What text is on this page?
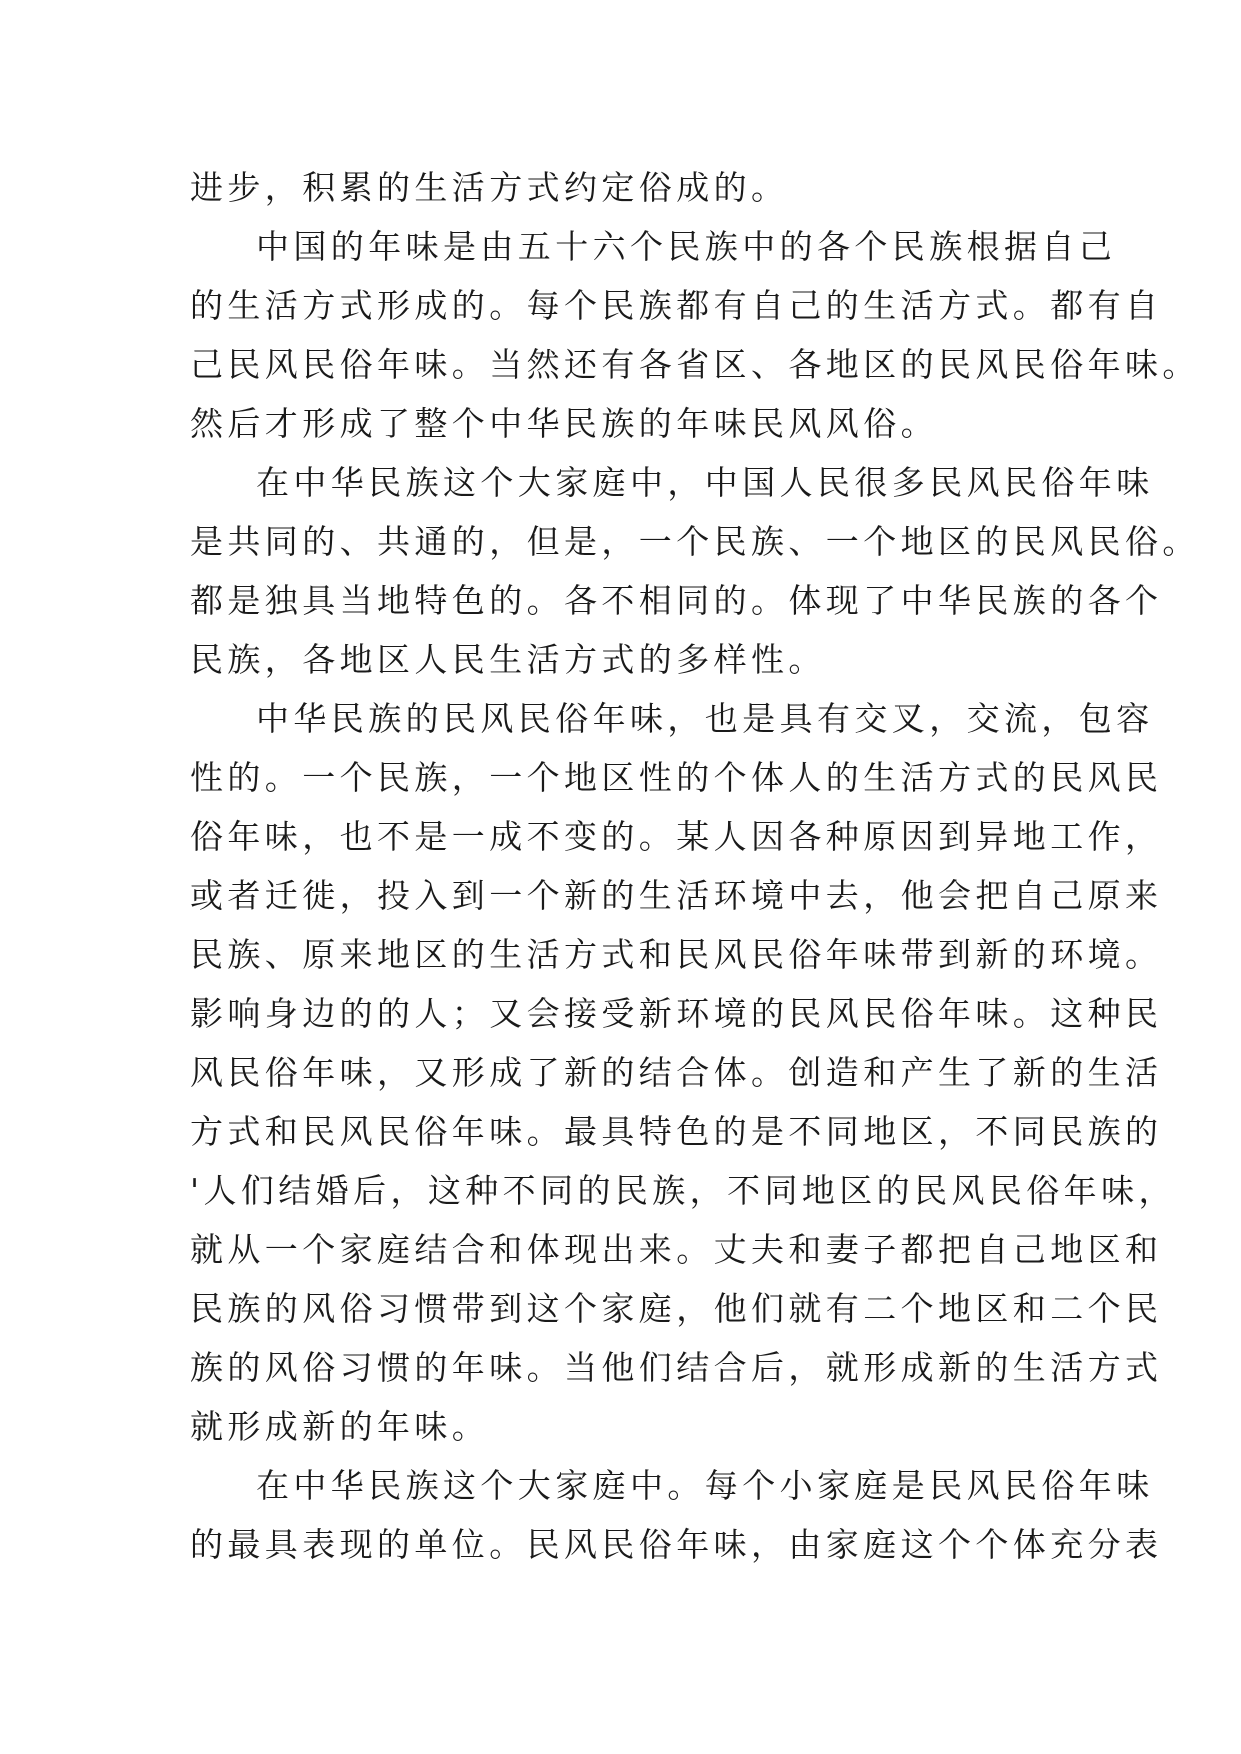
进步，积累的生活方式约定俗成的。
中国的年味是由五十六个民族中的各个民族根据自己
的生活方式形成的。每个民族都有自己的生活方式。都有自
己民风民俗年味。当然还有各省区、各地区的民风民俗年味。
然后才形成了整个中华民族的年味民风风俗。
在中华民族这个大家庭中，中国人民很多民风民俗年味
是共同的、共通的，但是，一个民族、一个地区的民风民俗。
都是独具当地特色的。各不相同的。体现了中华民族的各个
民族，各地区人民生活方式的多样性。
中华民族的民风民俗年味，也是具有交叉，交流，包容
性的。一个民族，一个地区性的个体人的生活方式的民风民
俗年味，也不是一成不变的。某人因各种原因到异地工作，
或者迁徙，投入到一个新的生活环境中去，他会把自己原来
民族、原来地区的生活方式和民风民俗年味带到新的环境。
影响身边的的人；又会接受新环境的民风民俗年味。这种民
风民俗年味，又形成了新的结合体。创造和产生了新的生活
方式和民风民俗年味。最具特色的是不同地区，不同民族的
'人们结婚后，这种不同的民族，不同地区的民风民俗年味，
就从一个家庭结合和体现出来。丈夫和妻子都把自己地区和
民族的风俗习惯带到这个家庭，他们就有二个地区和二个民
族的风俗习惯的年味。当他们结合后，就形成新的生活方式
就形成新的年味。
在中华民族这个大家庭中。每个小家庭是民风民俗年味
的最具表现的单位。民风民俗年味，由家庭这个个体充分表
